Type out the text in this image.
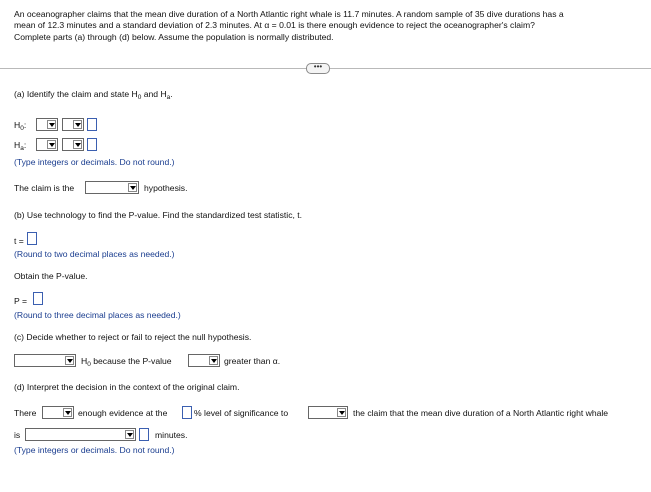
An oceanographer claims that the mean dive duration of a North Atlantic right whale is 11.7 minutes. A random sample of 35 dive durations has a
mean of 12.3 minutes and a standard deviation of 2.3 minutes. At α = 0.01 is there enough evidence to reject the oceanographer's claim?
Complete parts (a) through (d) below. Assume the population is normally distributed.
•••
(a) Identify the claim and state $H_0$ and $H_a$.
$H_0$:
$H_a$:
(Type integers or decimals. Do not round.)
The claim is the	hypothesis.
(b) Use technology to find the P-value. Find the standardized test statistic, t.
t =
(Round to two decimal places as needed.)
Obtain the P-value.
P =
(Round to three decimal places as needed.)
(c) Decide whether to reject or fail to reject the null hypothesis.
$H_0$ because the P-value	greater than α.
(d) Interpret the decision in the context of the original claim.
There	enough evidence at the	% level of significance to	the claim that the mean dive duration of a North Atlantic right whale
is	minutes.
(Type integers or decimals. Do not round.)
